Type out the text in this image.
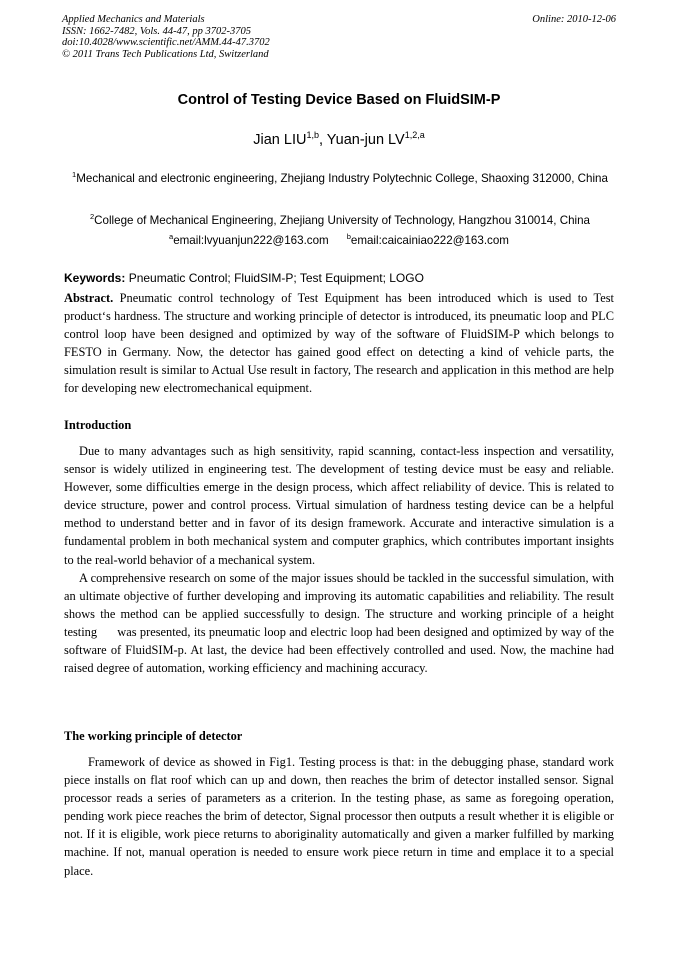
Applied Mechanics and Materials
ISSN: 1662-7482, Vols. 44-47, pp 3702-3705
doi:10.4028/www.scientific.net/AMM.44-47.3702
© 2011 Trans Tech Publications Ltd, Switzerland
Online: 2010-12-06
Control of Testing Device Based on FluidSIM-P
Jian LIU$^{1,b}$, Yuan-jun LV$^{1,2,a}$
$^1$Mechanical and electronic engineering, Zhejiang Industry Polytechnic College, Shaoxing 312000, China
$^2$College of Mechanical Engineering, Zhejiang University of Technology, Hangzhou 310014, China
$^a$email:lvyuanjun222@163.com $^b$email:caicainiao222@163.com
Keywords: Pneumatic Control; FluidSIM-P; Test Equipment; LOGO
Abstract. Pneumatic control technology of Test Equipment has been introduced which is used to Test product‘s hardness. The structure and working principle of detector is introduced, its pneumatic loop and PLC control loop have been designed and optimized by way of the software of FluidSIM-P which belongs to FESTO in Germany. Now, the detector has gained good effect on detecting a kind of vehicle parts, the simulation result is similar to Actual Use result in factory, The research and application in this method are help for developing new electromechanical equipment.
Introduction

Due to many advantages such as high sensitivity, rapid scanning, contact-less inspection and versatility, sensor is widely utilized in engineering test. The development of testing device must be easy and reliable. However, some difficulties emerge in the design process, which affect reliability of device. This is related to device structure, power and control process. Virtual simulation of hardness testing device can be a helpful method to understand better and in favor of its design framework. Accurate and interactive simulation is a fundamental problem in both mechanical system and computer graphics, which contributes important insights to the real-world behavior of a mechanical system.

A comprehensive research on some of the major issues should be tackled in the successful simulation, with an ultimate objective of further developing and improving its automatic capabilities and reliability. The result shows the method can be applied successfully to design. The structure and working principle of a height testing      was presented, its pneumatic loop and electric loop had been designed and optimized by way of the software of FluidSIM-p. At last, the device had been effectively controlled and used. Now, the machine had raised degree of automation, working efficiency and machining accuracy.

The working principle of detector

Framework of device as showed in Fig1. Testing process is that: in the debugging phase, standard work piece installs on flat roof which can up and down, then reaches the brim of detector installed sensor. Signal processor reads a series of parameters as a criterion. In the testing phase, as same as foregoing operation, pending work piece reaches the brim of detector, Signal processor then outputs a result whether it is eligible or not. If it is eligible, work piece returns to aboriginality automatically and given a marker fulfilled by marking machine. If not, manual operation is needed to ensure work piece return in time and emplace it to a special place.
